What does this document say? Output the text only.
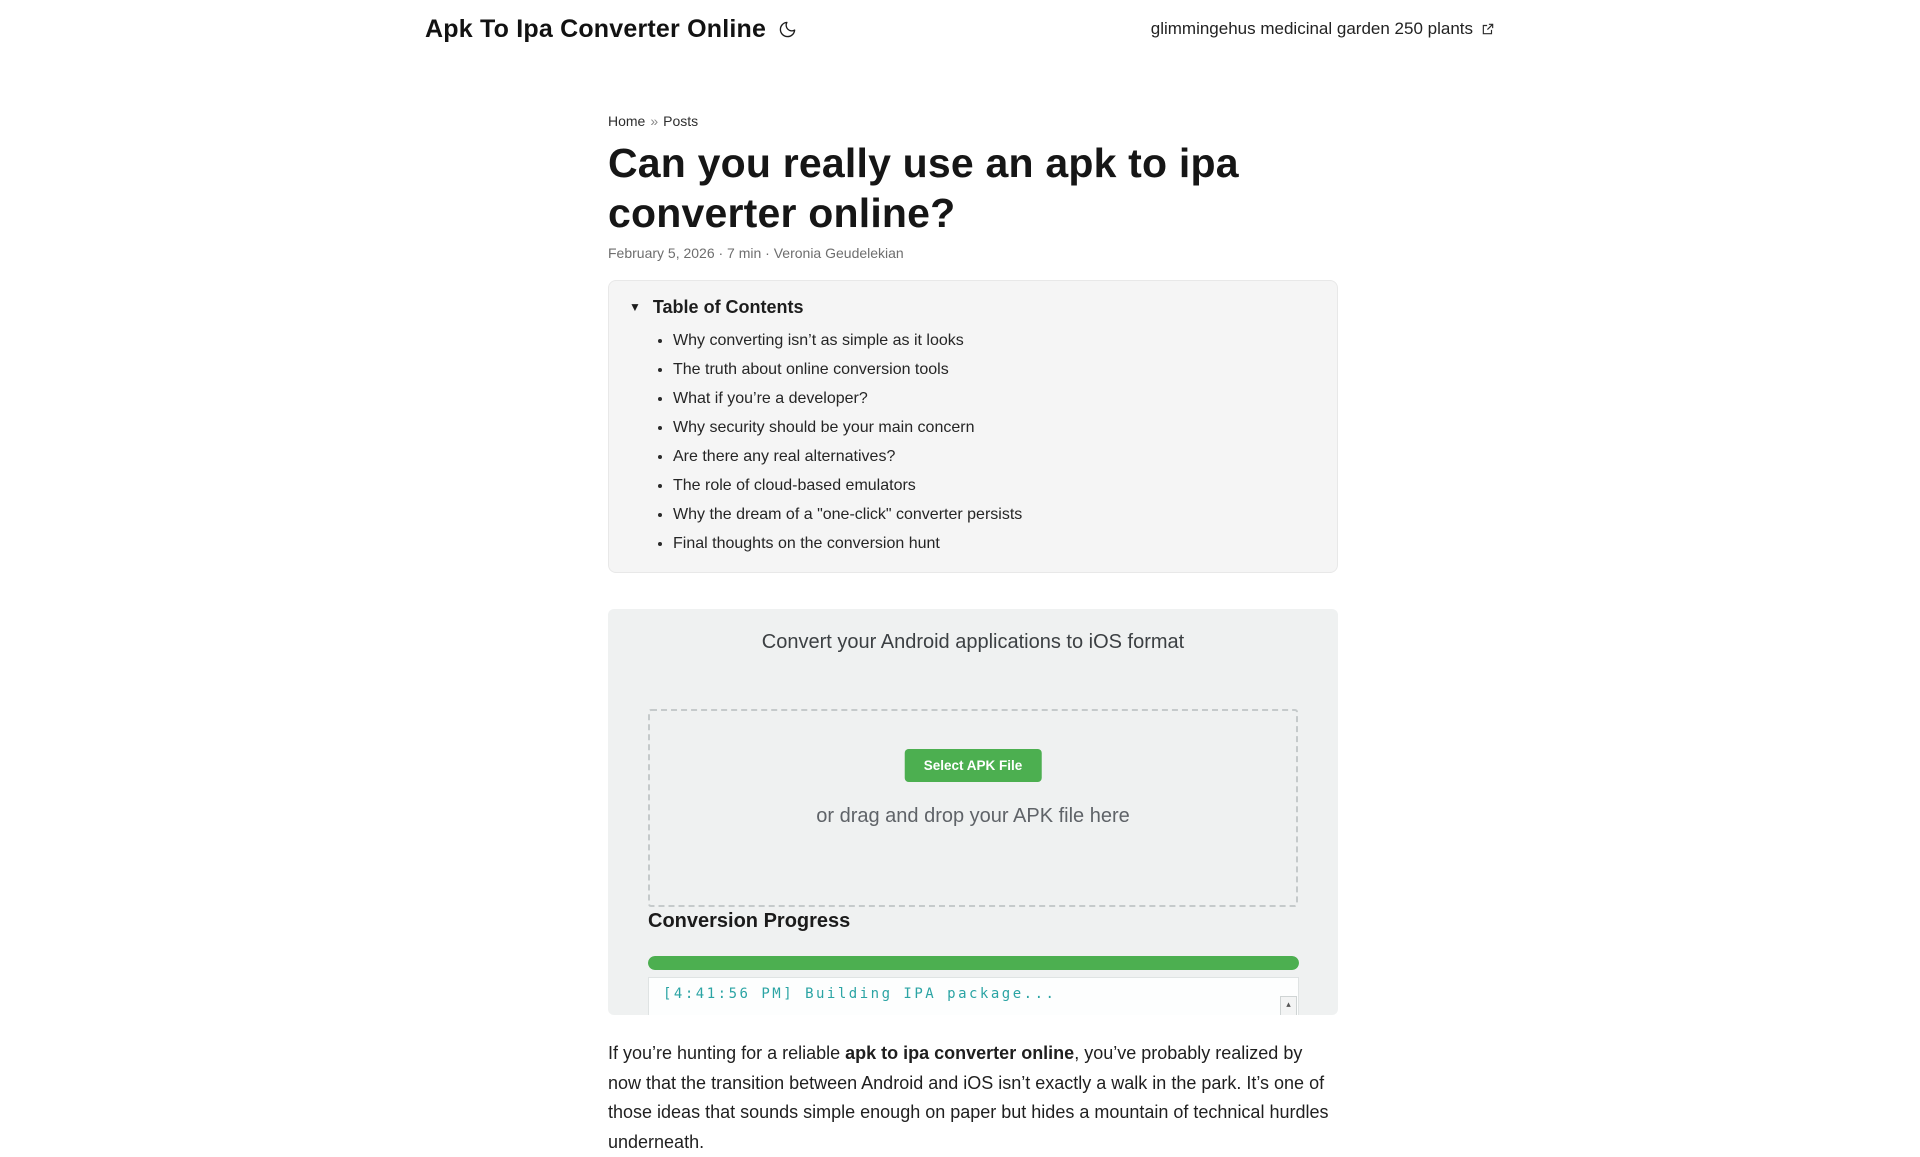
Apk To Ipa Converter Online	glimmingehus medicinal garden 250 plants
Home » Posts
Can you really use an apk to ipa converter online?
February 5, 2026 · 7 min · Veronia Geudelekian
▼ Table of Contents
• Why converting isn’t as simple as it looks
• The truth about online conversion tools
• What if you’re a developer?
• Why security should be your main concern
• Are there any real alternatives?
• The role of cloud-based emulators
• Why the dream of a "one-click" converter persists
• Final thoughts on the conversion hunt
Convert your Android applications to iOS format
Select APK File
or drag and drop your APK file here
Conversion Progress
[4:41:56 PM] Building IPA package...
▴

If you’re hunting for a reliable apk to ipa converter online, you’ve probably realized by now that the transition between Android and iOS isn’t exactly a walk in the park. It’s one of those ideas that sounds simple enough on paper but hides a mountain of technical hurdles underneath.
